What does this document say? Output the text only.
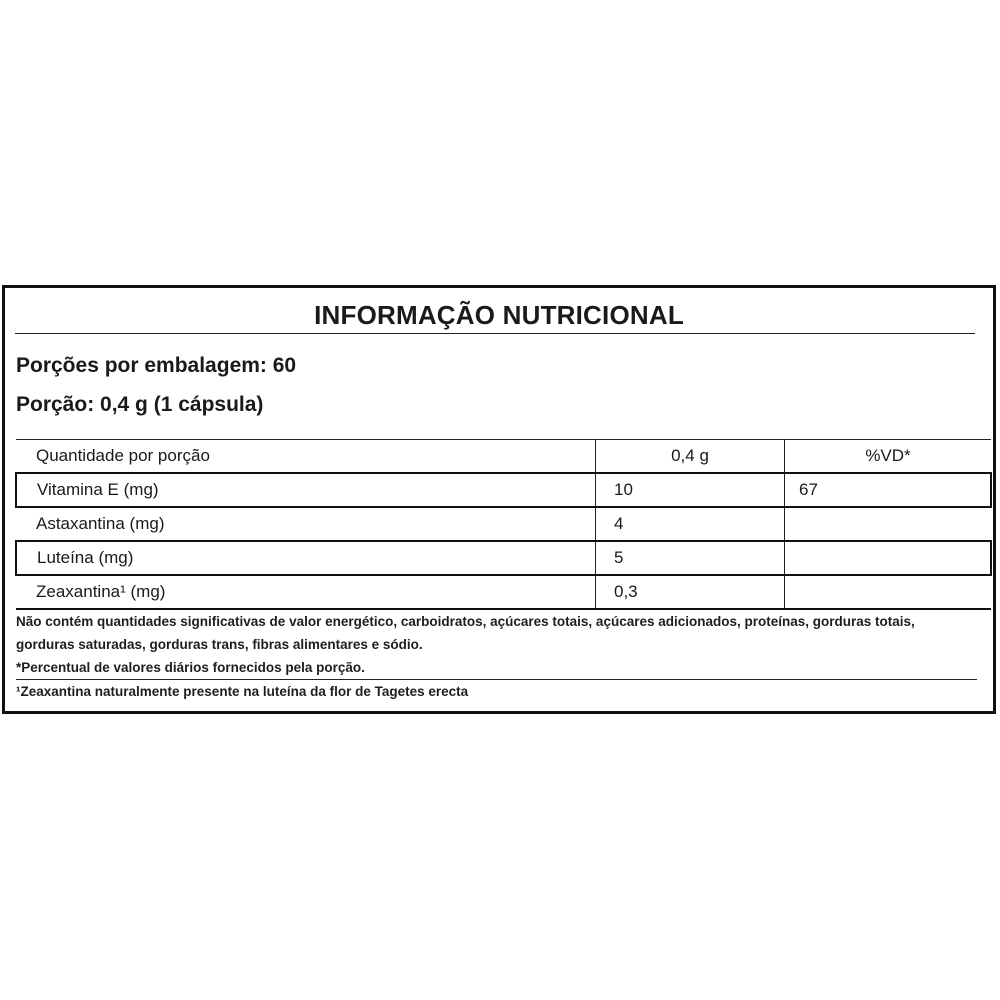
INFORMAÇÃO NUTRICIONAL
Porções por embalagem: 60
Porção: 0,4 g (1 cápsula)
Quantidade por porção	0,4 g	%VD*
Vitamina E (mg)	10	67
Astaxantina (mg)	4	
Luteína (mg)	5	
Zeaxantina¹ (mg)	0,3	
Não contém quantidades significativas de valor energético, carboidratos, açúcares totais, açúcares adicionados, proteínas, gorduras totais, gorduras saturadas, gorduras trans, fibras alimentares e sódio.
*Percentual de valores diários fornecidos pela porção.
¹Zeaxantina naturalmente presente na luteína da flor de Tagetes erecta
